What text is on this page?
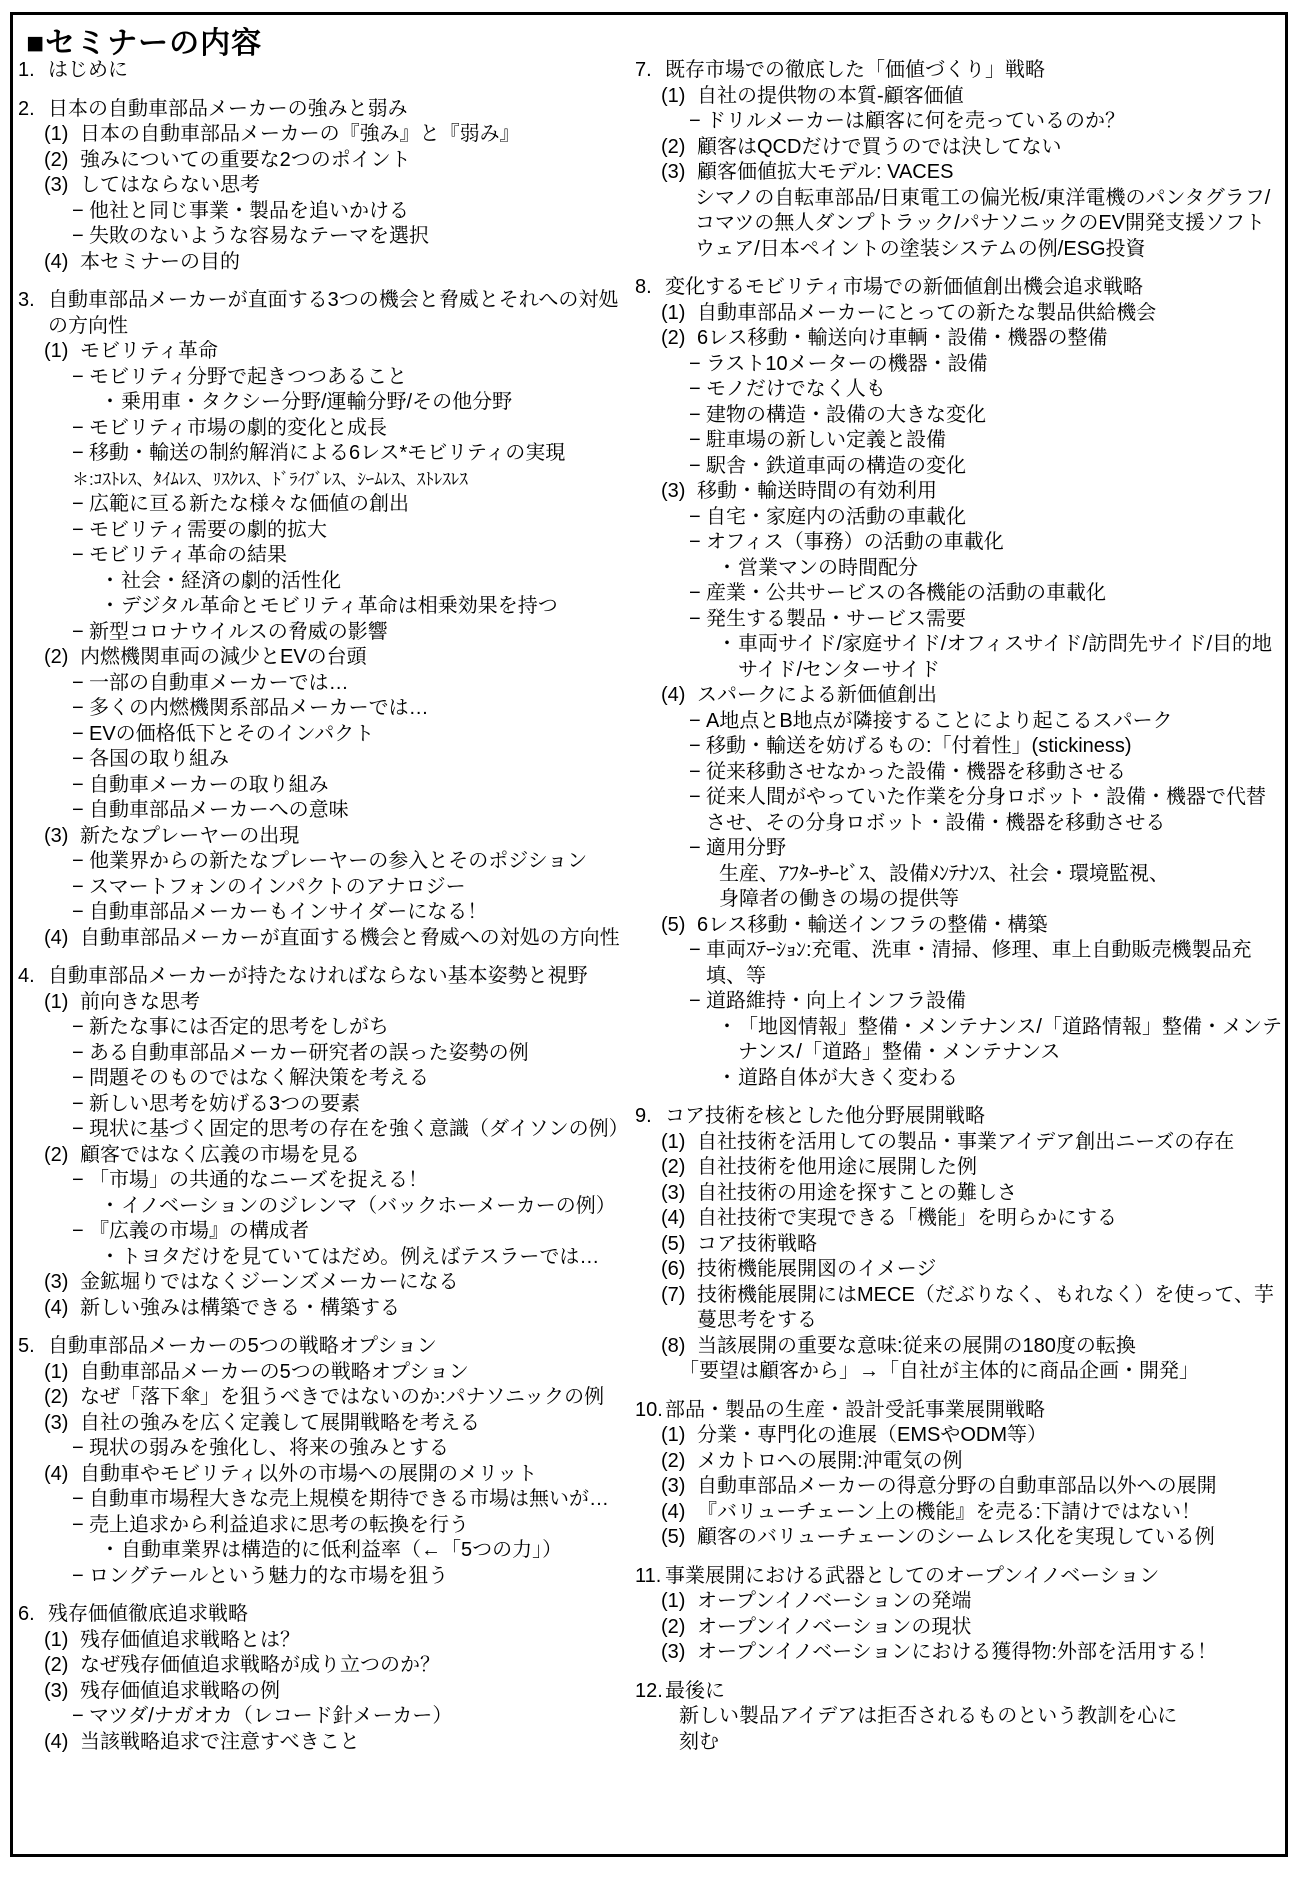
■セミナーの内容
1. はじめに
2. 日本の自動車部品メーカーの強みと弱み
(1) 日本の自動車部品メーカーの『強み』と『弱み』
(2) 強みについての重要な2つのポイント
(3) してはならない思考
− 他社と同じ事業・製品を追いかける
− 失敗のないような容易なテーマを選択
(4) 本セミナーの目的
3. 自動車部品メーカーが直面する3つの機会と脅威とそれへの対処の方向性
(1) モビリティ革命
− モビリティ分野で起きつつあること
・ 乗用車・タクシー分野/運輸分野/その他分野
− モビリティ市場の劇的変化と成長
− 移動・輸送の制約解消による6レス*モビリティの実現
＊:ｺｽﾄﾚｽ、ﾀｲﾑﾚｽ、ﾘｽｸﾚｽ、ﾄﾞﾗｲﾌﾞﾚｽ、ｼｰﾑﾚｽ、ｽﾄﾚｽﾚｽ
− 広範に亘る新たな様々な価値の創出
− モビリティ需要の劇的拡大
− モビリティ革命の結果
・ 社会・経済の劇的活性化
・ デジタル革命とモビリティ革命は相乗効果を持つ
− 新型コロナウイルスの脅威の影響
(2) 内燃機関車両の減少とEVの台頭
− 一部の自動車メーカーでは…
− 多くの内燃機関系部品メーカーでは…
− EVの価格低下とそのインパクト
− 各国の取り組み
− 自動車メーカーの取り組み
− 自動車部品メーカーへの意味
(3) 新たなプレーヤーの出現
− 他業界からの新たなプレーヤーの参入とそのポジション
− スマートフォンのインパクトのアナロジー
− 自動車部品メーカーもインサイダーになる！
(4) 自動車部品メーカーが直面する機会と脅威への対処の方向性
4. 自動車部品メーカーが持たなければならない基本姿勢と視野
(1) 前向きな思考
− 新たな事には否定的思考をしがち
− ある自動車部品メーカー研究者の誤った姿勢の例
− 問題そのものではなく解決策を考える
− 新しい思考を妨げる3つの要素
− 現状に基づく固定的思考の存在を強く意識（ダイソンの例）
(2) 顧客ではなく広義の市場を見る
− 「市場」の共通的なニーズを捉える！
・ イノベーションのジレンマ（バックホーメーカーの例）
− 『広義の市場』の構成者
・ トヨタだけを見ていてはだめ。例えばテスラーでは…
(3) 金鉱堀りではなくジーンズメーカーになる
(4) 新しい強みは構築できる・構築する
5. 自動車部品メーカーの5つの戦略オプション
(1) 自動車部品メーカーの5つの戦略オプション
(2) なぜ「落下傘」を狙うべきではないのか:パナソニックの例
(3) 自社の強みを広く定義して展開戦略を考える
− 現状の弱みを強化し、将来の強みとする
(4) 自動車やモビリティ以外の市場への展開のメリット
− 自動車市場程大きな売上規模を期待できる市場は無いが…
− 売上追求から利益追求に思考の転換を行う
・ 自動車業界は構造的に低利益率（←「5つの力」）
− ロングテールという魅力的な市場を狙う
6. 残存価値徹底追求戦略
(1) 残存価値追求戦略とは？
(2) なぜ残存価値追求戦略が成り立つのか？
(3) 残存価値追求戦略の例
− マツダ/ナガオカ（レコード針メーカー）
(4) 当該戦略追求で注意すべきこと
7. 既存市場での徹底した「価値づくり」戦略
(1) 自社の提供物の本質-顧客価値
− ドリルメーカーは顧客に何を売っているのか？
(2) 顧客はQCDだけで買うのでは決してない
(3) 顧客価値拡大モデル: VACES
シマノの自転車部品/日東電工の偏光板/東洋電機のパンタグラフ/コマツの無人ダンプトラック/パナソニックのEV開発支援ソフトウェア/日本ペイントの塗装システムの例/ESG投資
8. 変化するモビリティ市場での新価値創出機会追求戦略
(1) 自動車部品メーカーにとっての新たな製品供給機会
(2) 6レス移動・輸送向け車輌・設備・機器の整備
− ラスト10メーターの機器・設備
− モノだけでなく人も
− 建物の構造・設備の大きな変化
− 駐車場の新しい定義と設備
− 駅舎・鉄道車両の構造の変化
(3) 移動・輸送時間の有効利用
− 自宅・家庭内の活動の車載化
− オフィス（事務）の活動の車載化
・ 営業マンの時間配分
− 産業・公共サービスの各機能の活動の車載化
− 発生する製品・サービス需要
・ 車両サイド/家庭サイド/オフィスサイド/訪問先サイド/目的地サイド/センターサイド
(4) スパークによる新価値創出
− A地点とB地点が隣接することにより起こるスパーク
− 移動・輸送を妨げるもの:「付着性」(stickiness)
− 従来移動させなかった設備・機器を移動させる
− 従来人間がやっていた作業を分身ロボット・設備・機器で代替させ、その分身ロボット・設備・機器を移動させる
− 適用分野
生産、ｱﾌﾀｰｻｰﾋﾞｽ、設備ﾒﾝﾃﾅﾝｽ、社会・環境監視、
身障者の働きの場の提供等
(5) 6レス移動・輸送インフラの整備・構築
− 車両ｽﾃｰｼｮﾝ:充電、洗車・清掃、修理、車上自動販売機製品充填、等
− 道路維持・向上インフラ設備
・ 「地図情報」整備・メンテナンス/「道路情報」整備・メンテナンス/「道路」整備・メンテナンス
・ 道路自体が大きく変わる
9. コア技術を核とした他分野展開戦略
(1) 自社技術を活用しての製品・事業アイデア創出ニーズの存在
(2) 自社技術を他用途に展開した例
(3) 自社技術の用途を探すことの難しさ
(4) 自社技術で実現できる「機能」を明らかにする
(5) コア技術戦略
(6) 技術機能展開図のイメージ
(7) 技術機能展開にはMECE（だぶりなく、もれなく）を使って、芋蔓思考をする
(8) 当該展開の重要な意味:従来の展開の180度の転換
「要望は顧客から」→「自社が主体的に商品企画・開発」
10. 部品・製品の生産・設計受託事業展開戦略
(1) 分業・専門化の進展（EMSやODM等）
(2) メカトロへの展開:沖電気の例
(3) 自動車部品メーカーの得意分野の自動車部品以外への展開
(4) 『バリューチェーン上の機能』を売る:下請けではない！
(5) 顧客のバリューチェーンのシームレス化を実現している例
11. 事業展開における武器としてのオープンイノベーション
(1) オープンイノベーションの発端
(2) オープンイノベーションの現状
(3) オープンイノベーションにおける獲得物:外部を活用する！
12. 最後に
新しい製品アイデアは拒否されるものという教訓を心に
刻む
